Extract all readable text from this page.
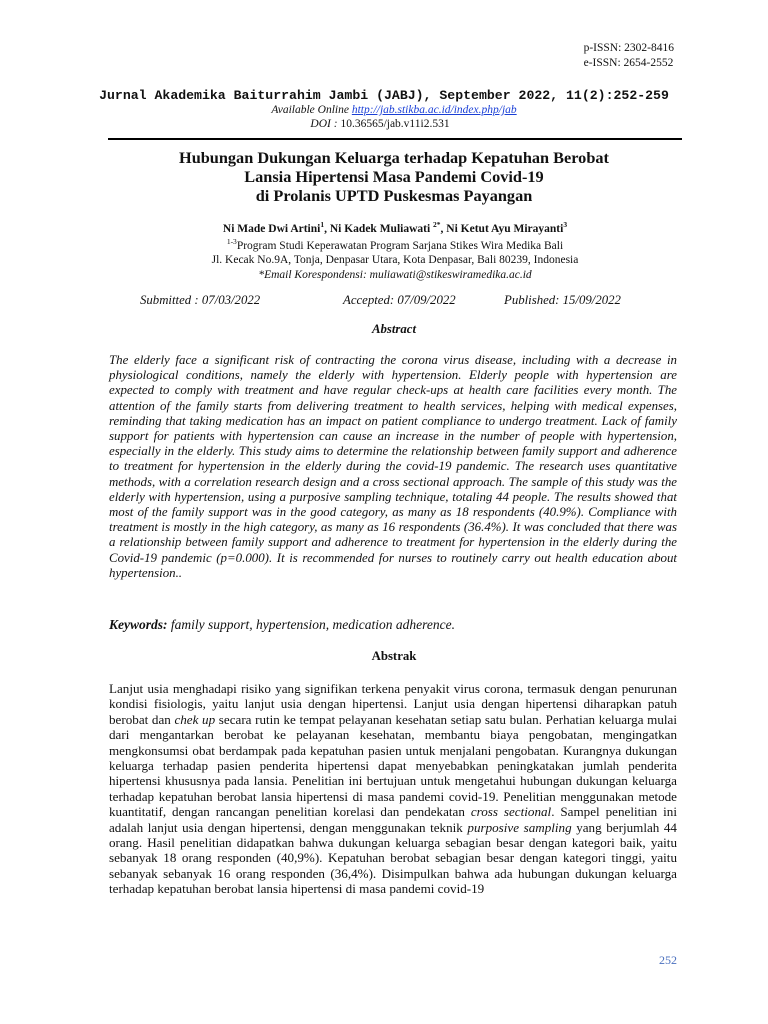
p-ISSN: 2302-8416
e-ISSN: 2654-2552
Jurnal Akademika Baiturrahim Jambi (JABJ), September 2022, 11(2):252-259
Available Online http://jab.stikba.ac.id/index.php/jab
DOI : 10.36565/jab.v11i2.531
Hubungan Dukungan Keluarga terhadap Kepatuhan Berobat
Lansia Hipertensi Masa Pandemi Covid-19
di Prolanis UPTD Puskesmas Payangan
Ni Made Dwi Artini$^1$, Ni Kadek Muliawati $^{2*}$, Ni Ketut Ayu Mirayanti$^3$
$^{1-3}$Program Studi Keperawatan Program Sarjana Stikes Wira Medika Bali
Jl. Kecak No.9A, Tonja, Denpasar Utara, Kota Denpasar, Bali 80239, Indonesia
*Email Korespondensi: muliawati@stikeswiramedika.ac.id
Submitted : 07/03/2022	Accepted: 07/09/2022	Published: 15/09/2022
Abstract

The elderly face a significant risk of contracting the corona virus disease, including with a decrease in physiological conditions, namely the elderly with hypertension. Elderly people with hypertension are expected to comply with treatment and have regular check-ups at health care facilities every month. The attention of the family starts from delivering treatment to health services, helping with medical expenses, reminding that taking medication has an impact on patient compliance to undergo treatment. Lack of family support for patients with hypertension can cause an increase in the number of people with hypertension, especially in the elderly. This study aims to determine the relationship between family support and adherence to treatment for hypertension in the elderly during the covid-19 pandemic. The research uses quantitative methods, with a correlation research design and a cross sectional approach. The sample of this study was the elderly with hypertension, using a purposive sampling technique, totaling 44 people. The results showed that most of the family support was in the good category, as many as 18 respondents (40.9%). Compliance with treatment is mostly in the high category, as many as 16 respondents (36.4%). It was concluded that there was a relationship between family support and adherence to treatment for hypertension in the elderly during the Covid-19 pandemic (p=0.000). It is recommended for nurses to routinely carry out health education about hypertension..

Keywords: family support, hypertension, medication adherence.
Abstrak

Lanjut usia menghadapi risiko yang signifikan terkena penyakit virus corona, termasuk dengan penurunan kondisi fisiologis, yaitu lanjut usia dengan hipertensi. Lanjut usia dengan hipertensi diharapkan patuh berobat dan chek up secara rutin ke tempat pelayanan kesehatan setiap satu bulan. Perhatian keluarga mulai dari mengantarkan berobat ke pelayanan kesehatan, membantu biaya pengobatan, mengingatkan mengkonsumsi obat berdampak pada kepatuhan pasien untuk menjalani pengobatan. Kurangnya dukungan keluarga terhadap pasien penderita hipertensi dapat menyebabkan peningkatakan jumlah penderita hipertensi khususnya pada lansia. Penelitian ini bertujuan untuk mengetahui hubungan dukungan keluarga terhadap kepatuhan berobat lansia hipertensi di masa pandemi covid-19. Penelitian menggunakan metode kuantitatif, dengan rancangan penelitian korelasi dan pendekatan cross sectional. Sampel penelitian ini adalah lanjut usia dengan hipertensi, dengan menggunakan teknik purposive sampling yang berjumlah 44 orang. Hasil penelitian didapatkan bahwa dukungan keluarga sebagian besar dengan kategori baik, yaitu sebanyak 18 orang responden (40,9%). Kepatuhan berobat sebagian besar dengan kategori tinggi, yaitu sebanyak sebanyak 16 orang responden (36,4%). Disimpulkan bahwa ada hubungan dukungan keluarga terhadap kepatuhan berobat lansia hipertensi di masa pandemi covid-19

252
